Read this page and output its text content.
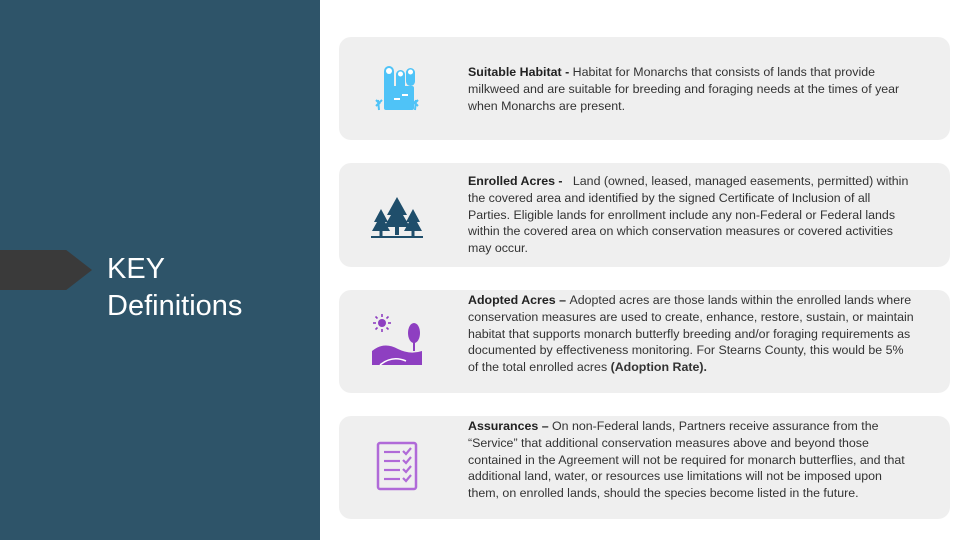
KEY
Definitions
Suitable Habitat - Habitat for Monarchs that consists of lands that provide milkweed and are suitable for breeding and foraging needs at the times of year when Monarchs are present.
Enrolled Acres -   Land (owned, leased, managed easements, permitted) within the covered area and identified by the signed Certificate of Inclusion of all Parties. Eligible lands for enrollment include any non-Federal or Federal lands within the covered area on which conservation measures or covered activities may occur.
Adopted Acres – Adopted acres are those lands within the enrolled lands where conservation measures are used to create, enhance, restore, sustain, or maintain habitat that supports monarch butterfly breeding and/or foraging requirements as documented by effectiveness monitoring. For Stearns County, this would be 5% of the total enrolled acres (Adoption Rate).
Assurances – On non-Federal lands, Partners receive assurance from the “Service” that additional conservation measures above and beyond those contained in the Agreement will not be required for monarch butterflies, and that additional land, water, or resources use limitations will not be imposed upon them, on enrolled lands, should the species become listed in the future.
